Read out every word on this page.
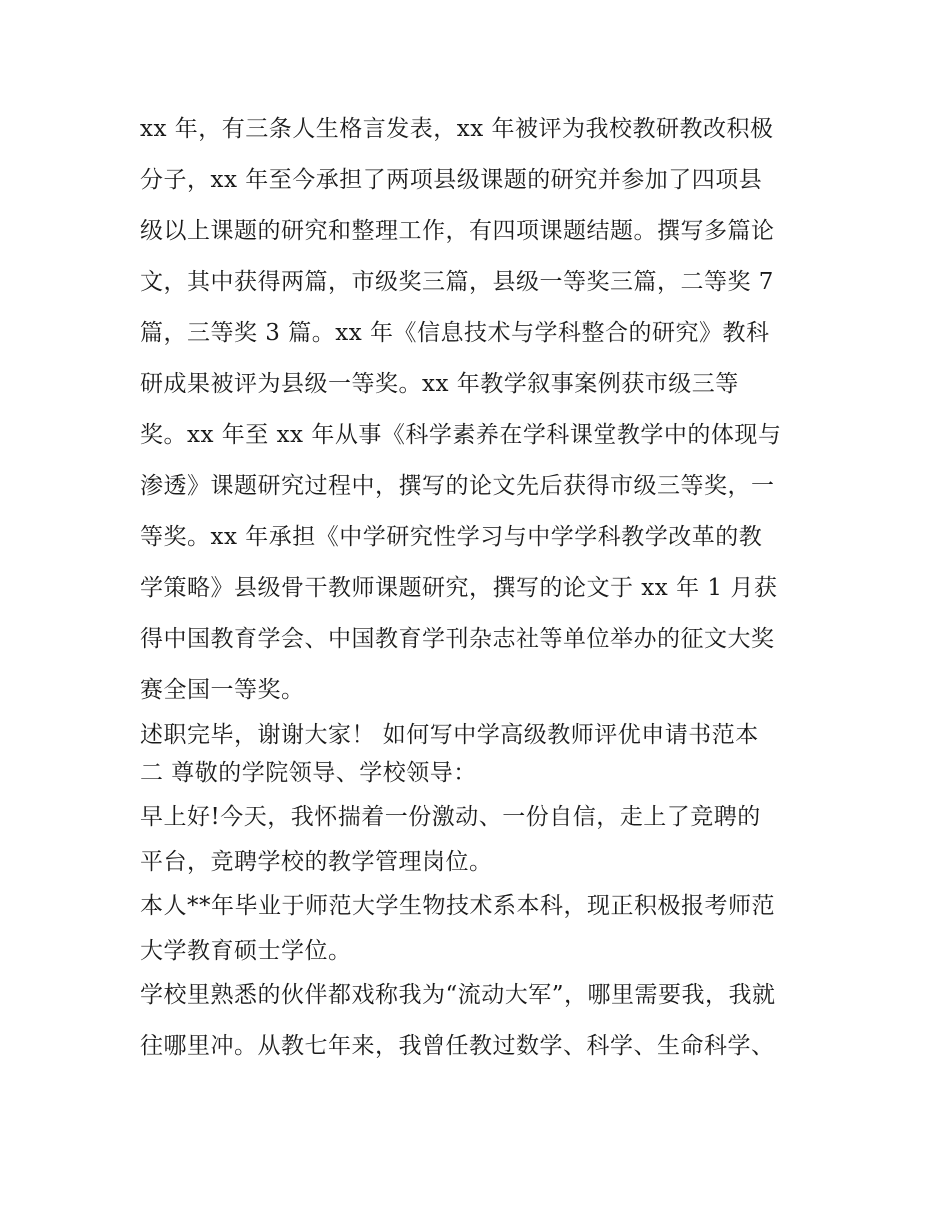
xx 年，有三条人生格言发表，xx 年被评为我校教研教改积极
分子，xx 年至今承担了两项县级课题的研究并参加了四项县
级以上课题的研究和整理工作，有四项课题结题。撰写多篇论
文，其中获得两篇，市级奖三篇，县级一等奖三篇，二等奖 7
篇，三等奖 3 篇。xx 年《信息技术与学科整合的研究》教科
研成果被评为县级一等奖。xx 年教学叙事案例获市级三等
奖。xx 年至 xx 年从事《科学素养在学科课堂教学中的体现与
渗透》课题研究过程中，撰写的论文先后获得市级三等奖，一
等奖。xx 年承担《中学研究性学习与中学学科教学改革的教
学策略》县级骨干教师课题研究，撰写的论文于 xx 年 1 月获
得中国教育学会、中国教育学刊杂志社等单位举办的征文大奖
赛全国一等奖。
述职完毕，谢谢大家！ 如何写中学高级教师评优申请书范本
二 尊敬的学院领导、学校领导：
早上好!今天，我怀揣着一份激动、一份自信，走上了竞聘的
平台，竞聘学校的教学管理岗位。
本人**年毕业于师范大学生物技术系本科，现正积极报考师范
大学教育硕士学位。
学校里熟悉的伙伴都戏称我为“流动大军”，哪里需要我，我就
往哪里冲。从教七年来，我曾任教过数学、科学、生命科学、
